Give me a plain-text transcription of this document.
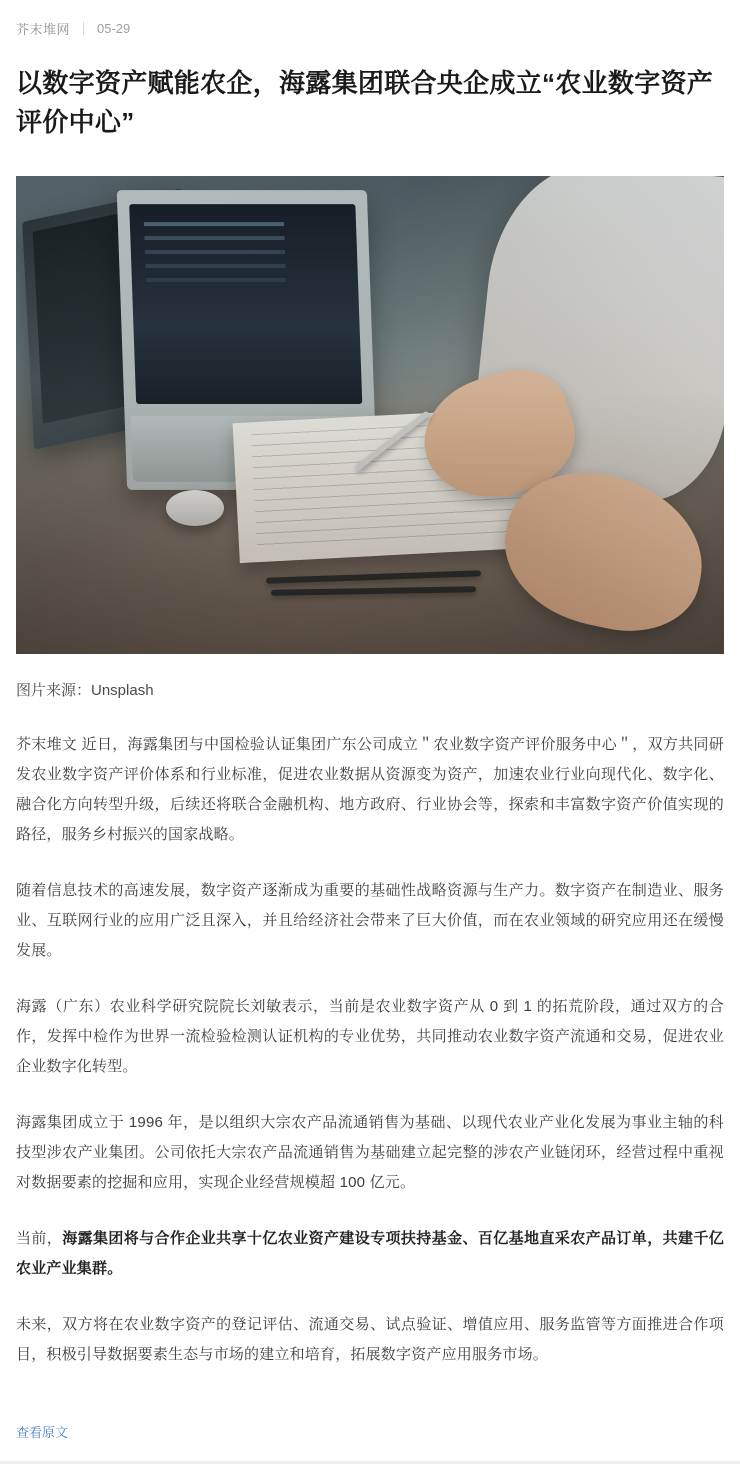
芥末堆网 05-29
以数字资产赋能农企，海露集团联合央企成立“农业数字资产评价中心”
图片来源：Unsplash

芥末堆文 近日，海露集团与中国检验认证集团广东公司成立＂农业数字资产评价服务中心＂，双方共同研发农业数字资产评价体系和行业标准，促进农业数据从资源变为资产，加速农业行业向现代化、数字化、融合化方向转型升级，后续还将联合金融机构、地方政府、行业协会等，探索和丰富数字资产价值实现的路径，服务乡村振兴的国家战略。

随着信息技术的高速发展，数字资产逐渐成为重要的基础性战略资源与生产力。数字资产在制造业、服务业、互联网行业的应用广泛且深入，并且给经济社会带来了巨大价值，而在农业领域的研究应用还在缓慢发展。

海露（广东）农业科学研究院院长刘敏表示，当前是农业数字资产从 0 到 1 的拓荒阶段，通过双方的合作，发挥中检作为世界一流检验检测认证机构的专业优势，共同推动农业数字资产流通和交易，促进农业企业数字化转型。

海露集团成立于 1996 年，是以组织大宗农产品流通销售为基础、以现代农业产业化发展为事业主轴的科技型涉农产业集团。公司依托大宗农产品流通销售为基础建立起完整的涉农产业链闭环，经营过程中重视对数据要素的挖掘和应用，实现企业经营规模超 100 亿元。

当前，海露集团将与合作企业共享十亿农业资产建设专项扶持基金、百亿基地直采农产品订单，共建千亿农业产业集群。

未来，双方将在农业数字资产的登记评估、流通交易、试点验证、增值应用、服务监管等方面推进合作项目，积极引导数据要素生态与市场的建立和培育，拓展数字资产应用服务市场。

查看原文
